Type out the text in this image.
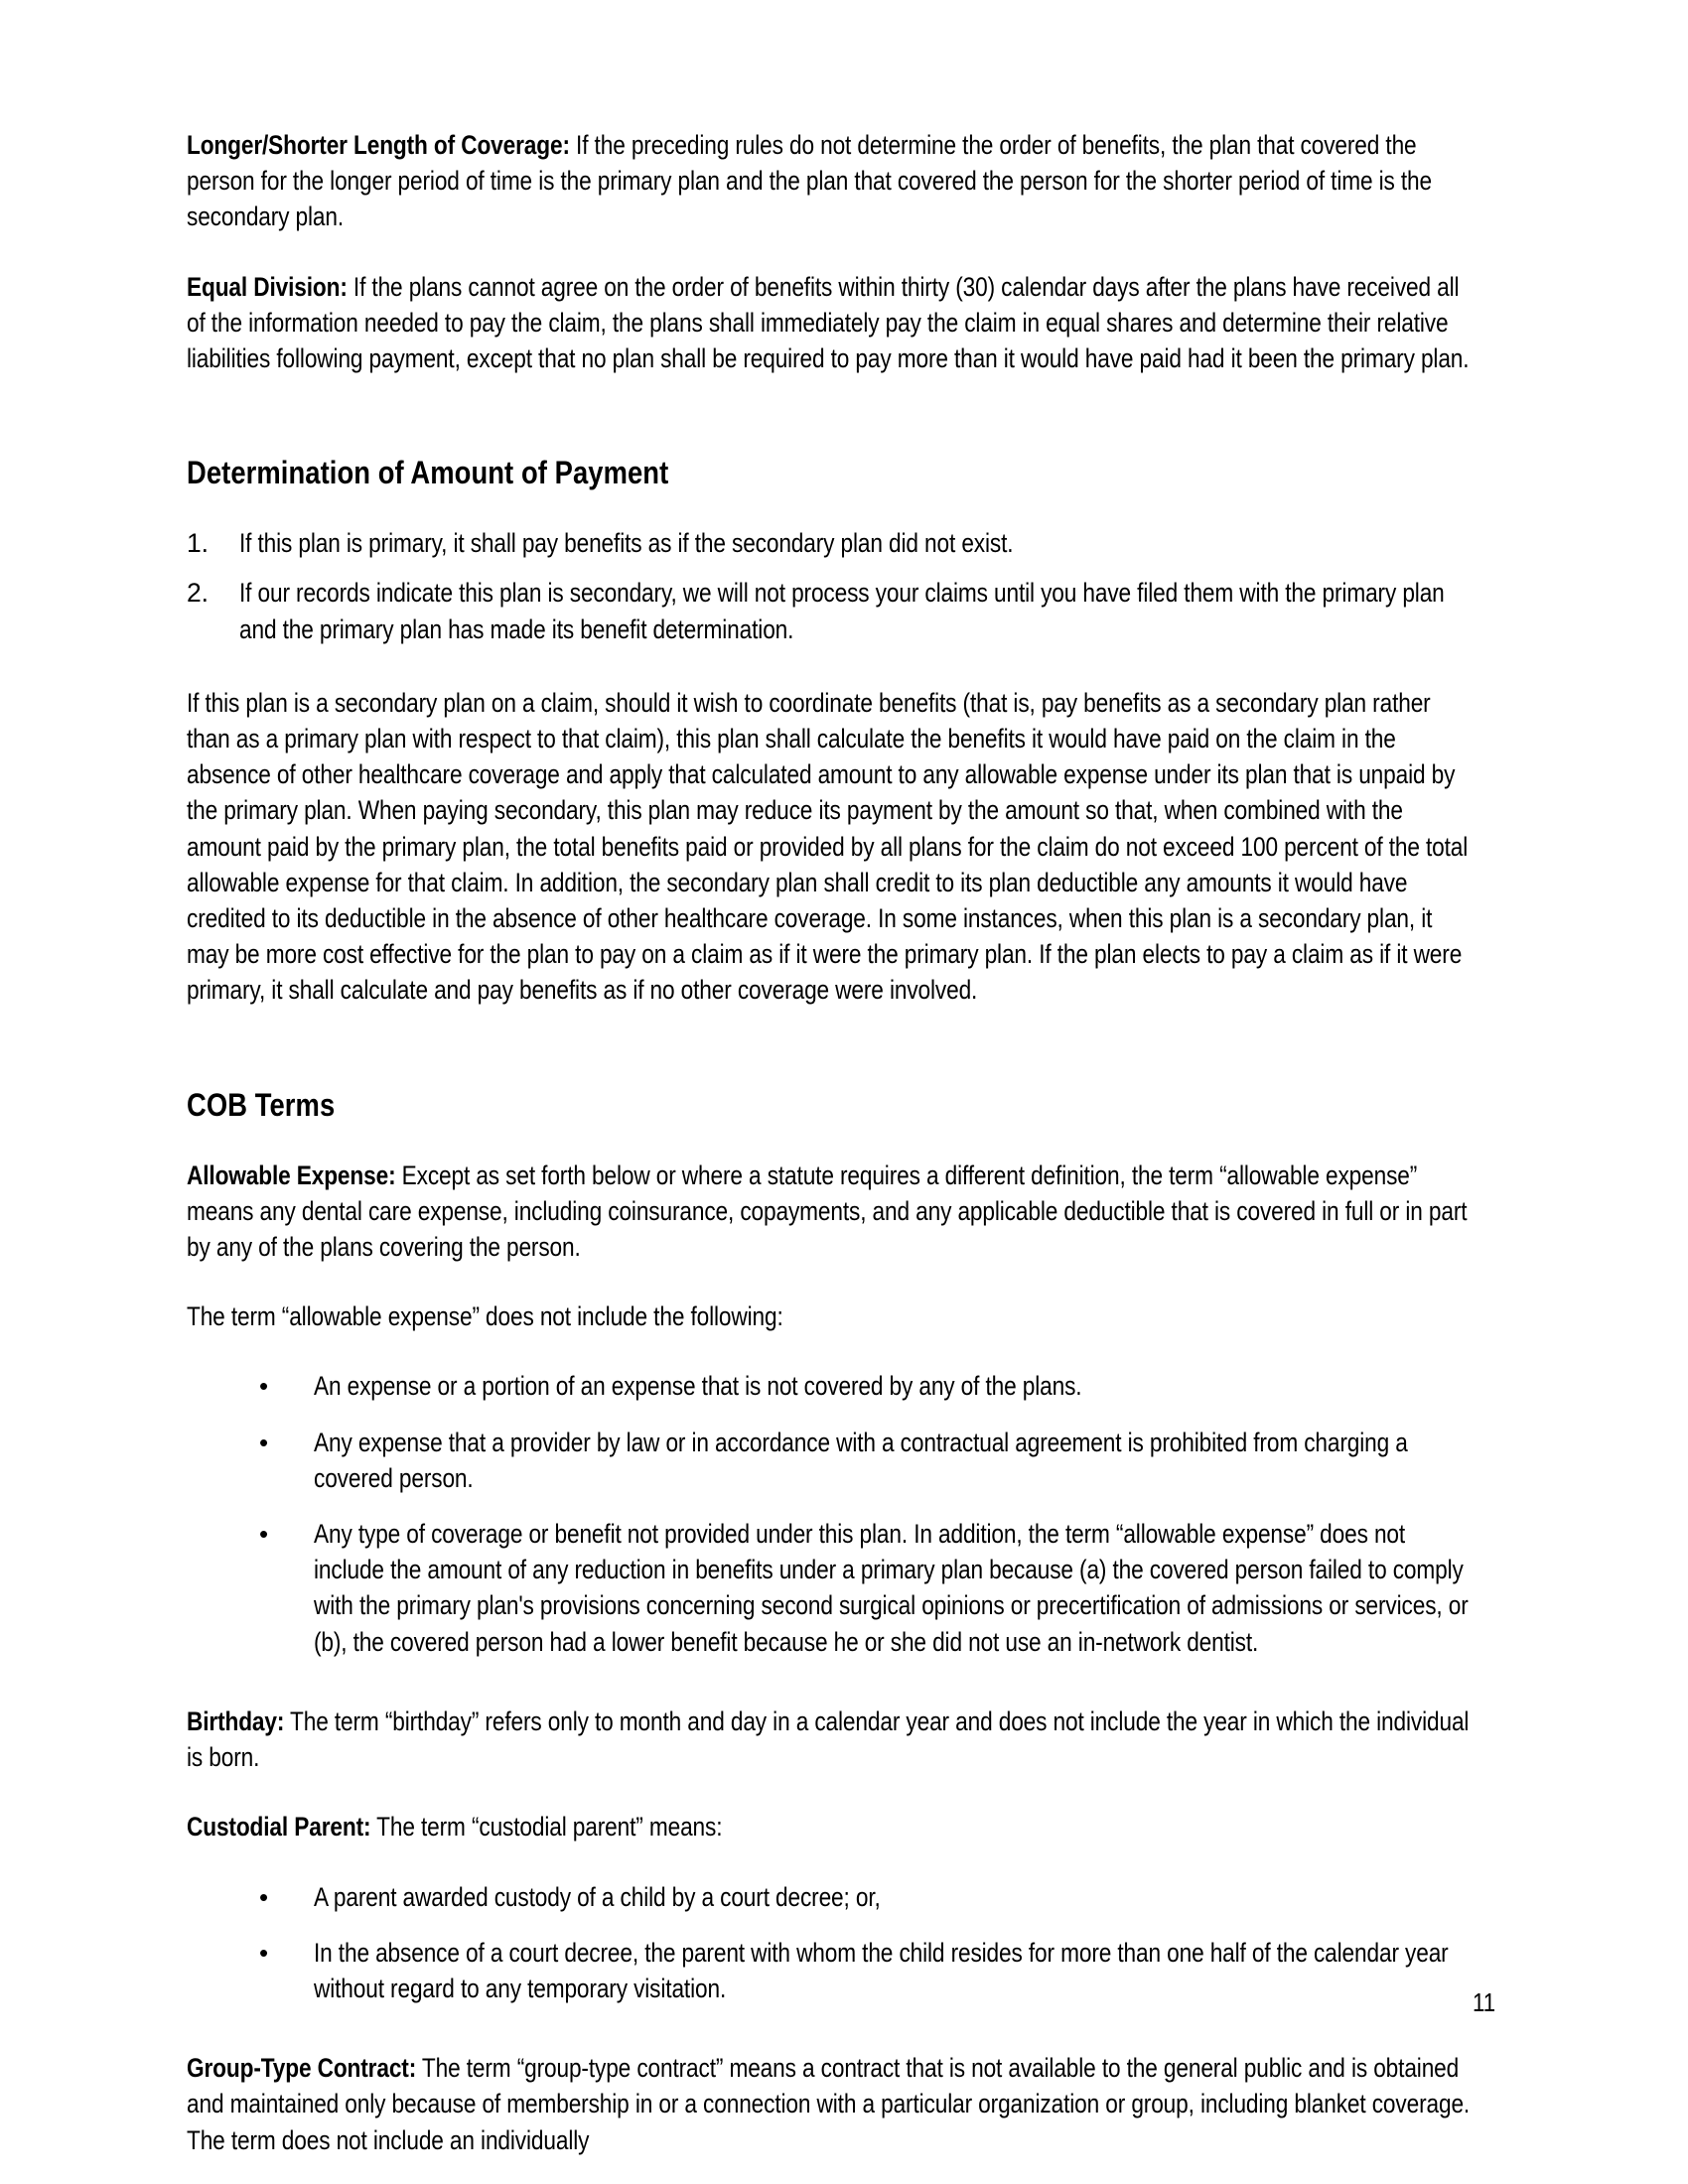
Longer/Shorter Length of Coverage: If the preceding rules do not determine the order of benefits, the plan that covered the person for the longer period of time is the primary plan and the plan that covered the person for the shorter period of time is the secondary plan.

Equal Division: If the plans cannot agree on the order of benefits within thirty (30) calendar days after the plans have received all of the information needed to pay the claim, the plans shall immediately pay the claim in equal shares and determine their relative liabilities following payment, except that no plan shall be required to pay more than it would have paid had it been the primary plan.

Determination of Amount of Payment
1.	If this plan is primary, it shall pay benefits as if the secondary plan did not exist.
2.	If our records indicate this plan is secondary, we will not process your claims until you have filed them with the primary plan and the primary plan has made its benefit determination.

If this plan is a secondary plan on a claim, should it wish to coordinate benefits (that is, pay benefits as a secondary plan rather than as a primary plan with respect to that claim), this plan shall calculate the benefits it would have paid on the claim in the absence of other healthcare coverage and apply that calculated amount to any allowable expense under its plan that is unpaid by the primary plan. When paying secondary, this plan may reduce its payment by the amount so that, when combined with the amount paid by the primary plan, the total benefits paid or provided by all plans for the claim do not exceed 100 percent of the total allowable expense for that claim. In addition, the secondary plan shall credit to its plan deductible any amounts it would have credited to its deductible in the absence of other healthcare coverage. In some instances, when this plan is a secondary plan, it may be more cost effective for the plan to pay on a claim as if it were the primary plan. If the plan elects to pay a claim as if it were primary, it shall calculate and pay benefits as if no other coverage were involved.

COB Terms

Allowable Expense: Except as set forth below or where a statute requires a different definition, the term “allowable expense” means any dental care expense, including coinsurance, copayments, and any applicable deductible that is covered in full or in part by any of the plans covering the person.

The term “allowable expense” does not include the following:

• An expense or a portion of an expense that is not covered by any of the plans.
• Any expense that a provider by law or in accordance with a contractual agreement is prohibited from charging a covered person.
• Any type of coverage or benefit not provided under this plan. In addition, the term “allowable expense” does not include the amount of any reduction in benefits under a primary plan because (a) the covered person failed to comply with the primary plan's provisions concerning second surgical opinions or precertification of admissions or services, or (b), the covered person had a lower benefit because he or she did not use an in-network dentist.

Birthday: The term “birthday” refers only to month and day in a calendar year and does not include the year in which the individual is born.

Custodial Parent: The term “custodial parent” means:

• A parent awarded custody of a child by a court decree; or,
• In the absence of a court decree, the parent with whom the child resides for more than one half of the calendar year without regard to any temporary visitation.

Group-Type Contract: The term “group-type contract” means a contract that is not available to the general public and is obtained and maintained only because of membership in or a connection with a particular organization or group, including blanket coverage. The term does not include an individually

11
